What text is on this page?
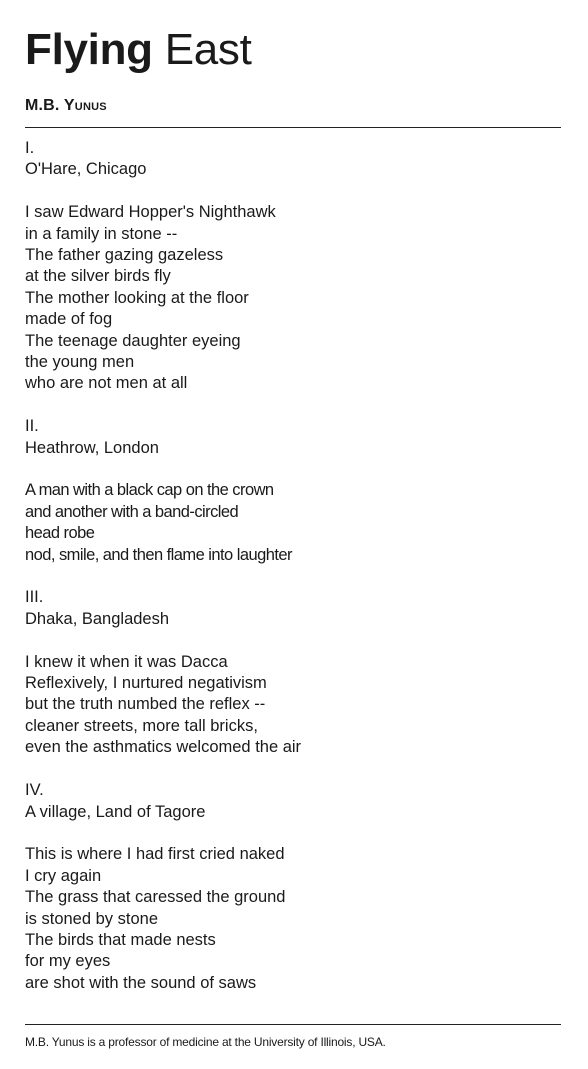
Flying East
M.B. Yunus
I.
O'Hare, Chicago
I saw Edward Hopper's Nighthawk
in a family in stone --
The father gazing gazeless
at the silver birds fly
The mother looking at the floor
made of fog
The teenage daughter eyeing
the young men
who are not men at all
II.
Heathrow, London
A man with a black cap on the crown
and another with a band-circled
head robe
nod, smile, and then flame into laughter
III.
Dhaka, Bangladesh
I knew it when it was Dacca
Reflexively, I nurtured negativism
but the truth numbed the reflex --
cleaner streets, more tall bricks,
even the asthmatics welcomed the air
IV.
A village, Land of Tagore
This is where I had first cried naked
I cry again
The grass that caressed the ground
is stoned by stone
The birds that made nests
for my eyes
are shot with the sound of saws
M.B. Yunus is a professor of medicine at the University of Illinois, USA.
